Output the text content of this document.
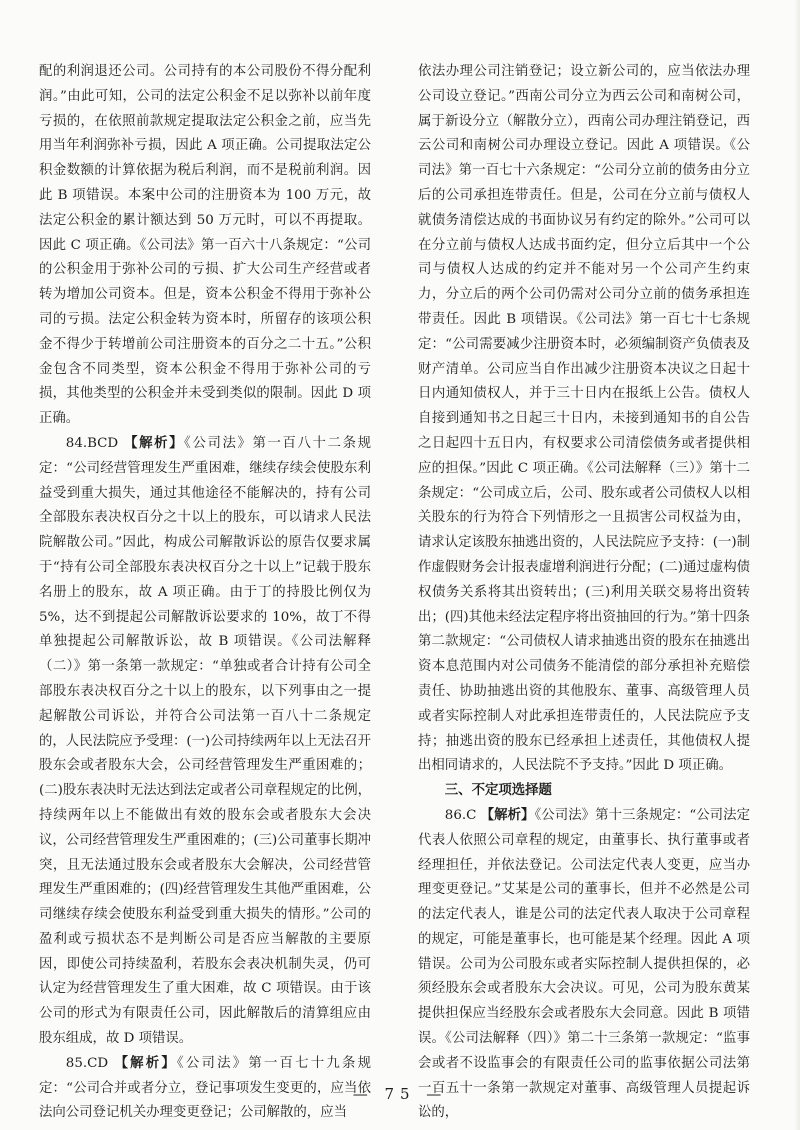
配的利润退还公司。公司持有的本公司股份不得分配利润。”由此可知，公司的法定公积金不足以弥补以前年度亏损的，在依照前款规定提取法定公积金之前，应当先用当年利润弥补亏损，因此 A 项正确。公司提取法定公积金数额的计算依据为税后利润，而不是税前利润。因此 B 项错误。本案中公司的注册资本为 100 万元，故法定公积金的累计额达到 50 万元时，可以不再提取。因此 C 项正确。《公司法》第一百六十八条规定：“公司的公积金用于弥补公司的亏损、扩大公司生产经营或者转为增加公司资本。但是，资本公积金不得用于弥补公司的亏损。法定公积金转为资本时，所留存的该项公积金不得少于转增前公司注册资本的百分之二十五。”公积金包含不同类型，资本公积金不得用于弥补公司的亏损，其他类型的公积金并未受到类似的限制。因此 D 项正确。

84.BCD 【解析】《公司法》第一百八十二条规定：“公司经营管理发生严重困难，继续存续会使股东利益受到重大损失，通过其他途径不能解决的，持有公司全部股东表决权百分之十以上的股东，可以请求人民法院解散公司。”因此，构成公司解散诉讼的原告仅要求属于“持有公司全部股东表决权百分之十以上”记载于股东名册上的股东，故 A 项正确。由于丁的持股比例仅为 5%，达不到提起公司解散诉讼要求的 10%，故丁不得单独提起公司解散诉讼，故 B 项错误。《公司法解释（二）》第一条第一款规定：“单独或者合计持有公司全部股东表决权百分之十以上的股东，以下列事由之一提起解散公司诉讼，并符合公司法第一百八十二条规定的，人民法院应予受理：(一)公司持续两年以上无法召开股东会或者股东大会，公司经营管理发生严重困难的；(二)股东表决时无法达到法定或者公司章程规定的比例，持续两年以上不能做出有效的股东会或者股东大会决议，公司经营管理发生严重困难的；(三)公司董事长期冲突，且无法通过股东会或者股东大会解决，公司经营管理发生严重困难的；(四)经营管理发生其他严重困难，公司继续存续会使股东利益受到重大损失的情形。”公司的盈利或亏损状态不是判断公司是否应当解散的主要原因，即使公司持续盈利，若股东会表决机制失灵，仍可认定为经营管理发生了重大困难，故 C 项错误。由于该公司的形式为有限责任公司，因此解散后的清算组应由股东组成，故 D 项错误。

85.CD 【解析】《公司法》第一百七十九条规定：“公司合并或者分立，登记事项发生变更的，应当依法向公司登记机关办理变更登记；公司解散的，应当

依法办理公司注销登记；设立新公司的，应当依法办理公司设立登记。”西南公司分立为西云公司和南树公司，属于新设分立（解散分立），西南公司办理注销登记，西云公司和南树公司办理设立登记。因此 A 项错误。《公司法》第一百七十六条规定：“公司分立前的债务由分立后的公司承担连带责任。但是，公司在分立前与债权人就债务清偿达成的书面协议另有约定的除外。”公司可以在分立前与债权人达成书面约定，但分立后其中一个公司与债权人达成的约定并不能对另一个公司产生约束力，分立后的两个公司仍需对公司分立前的债务承担连带责任。因此 B 项错误。《公司法》第一百七十七条规定：“公司需要减少注册资本时，必须编制资产负债表及财产清单。公司应当自作出减少注册资本决议之日起十日内通知债权人，并于三十日内在报纸上公告。债权人自接到通知书之日起三十日内，未接到通知书的自公告之日起四十五日内，有权要求公司清偿债务或者提供相应的担保。”因此 C 项正确。《公司法解释（三）》第十二条规定：“公司成立后，公司、股东或者公司债权人以相关股东的行为符合下列情形之一且损害公司权益为由，请求认定该股东抽逃出资的，人民法院应予支持：(一)制作虚假财务会计报表虚增利润进行分配；(二)通过虚构债权债务关系将其出资转出；(三)利用关联交易将出资转出；(四)其他未经法定程序将出资抽回的行为。”第十四条第二款规定：“公司债权人请求抽逃出资的股东在抽逃出资本息范围内对公司债务不能清偿的部分承担补充赔偿责任、协助抽逃出资的其他股东、董事、高级管理人员或者实际控制人对此承担连带责任的，人民法院应予支持；抽逃出资的股东已经承担上述责任，其他债权人提出相同请求的，人民法院不予支持。”因此 D 项正确。

三、不定项选择题

86.C 【解析】《公司法》第十三条规定：“公司法定代表人依照公司章程的规定，由董事长、执行董事或者经理担任，并依法登记。公司法定代表人变更，应当办理变更登记。”艾某是公司的董事长，但并不必然是公司的法定代表人，谁是公司的法定代表人取决于公司章程的规定，可能是董事长，也可能是某个经理。因此 A 项错误。公司为公司股东或者实际控制人提供担保的，必须经股东会或者股东大会决议。可见，公司为股东黄某提供担保应当经股东会或者股东大会同意。因此 B 项错误。《公司法解释（四）》第二十三条第一款规定：“监事会或者不设监事会的有限责任公司的监事依据公司法第一百五十一条第一款规定对董事、高级管理人员提起诉讼的，

— 75 —
